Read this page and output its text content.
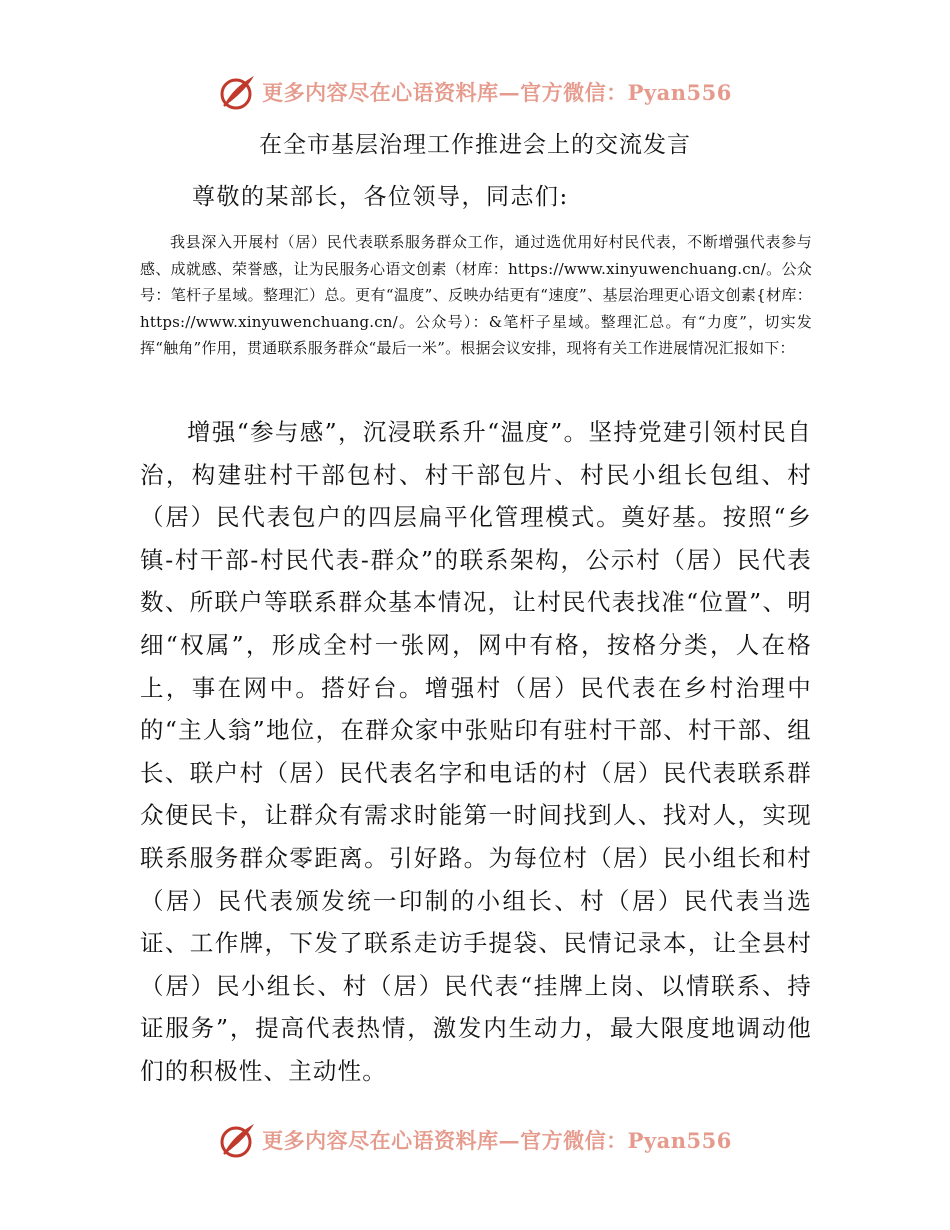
更多内容尽在心语资料库—官方微信：Pyan556
在全市基层治理工作推进会上的交流发言
尊敬的某部长，各位领导，同志们:
我县深入开展村（居）民代表联系服务群众工作，通过选优用好村民代表，不断增强代表参与感、成就感、荣誉感，让为民服务心语文创素（材库：https://www.xinyuwenchuang.cn/。公众号：笔杆子星域。整理汇）总。更有“温度”、反映办结更有“速度”、基层治理更心语文创素{材库：https://www.xinyuwenchuang.cn/。公众号）：&笔杆子星域。整理汇总。有“力度”，切实发挥“触角”作用，贯通联系服务群众“最后一米”。根据会议安排，现将有关工作进展情况汇报如下：
增强“参与感”，沉浸联系升“温度”。坚持党建引领村民自治，构建驻村干部包村、村干部包片、村民小组长包组、村（居）民代表包户的四层扁平化管理模式。奠好基。按照“乡镇-村干部-村民代表-群众”的联系架构，公示村（居）民代表数、所联户等联系群众基本情况，让村民代表找准“位置”、明细“权属”，形成全村一张网，网中有格，按格分类，人在格上，事在网中。搭好台。增强村（居）民代表在乡村治理中的“主人翁”地位，在群众家中张贴印有驻村干部、村干部、组长、联户村（居）民代表名字和电话的村（居）民代表联系群众便民卡，让群众有需求时能第一时间找到人、找对人，实现联系服务群众零距离。引好路。为每位村（居）民小组长和村（居）民代表颁发统一印制的小组长、村（居）民代表当选证、工作牌，下发了联系走访手提袋、民情记录本，让全县村（居）民小组长、村（居）民代表“挂牌上岗、以情联系、持证服务”，提高代表热情，激发内生动力，最大限度地调动他们的积极性、主动性。
更多内容尽在心语资料库—官方微信：Pyan556
